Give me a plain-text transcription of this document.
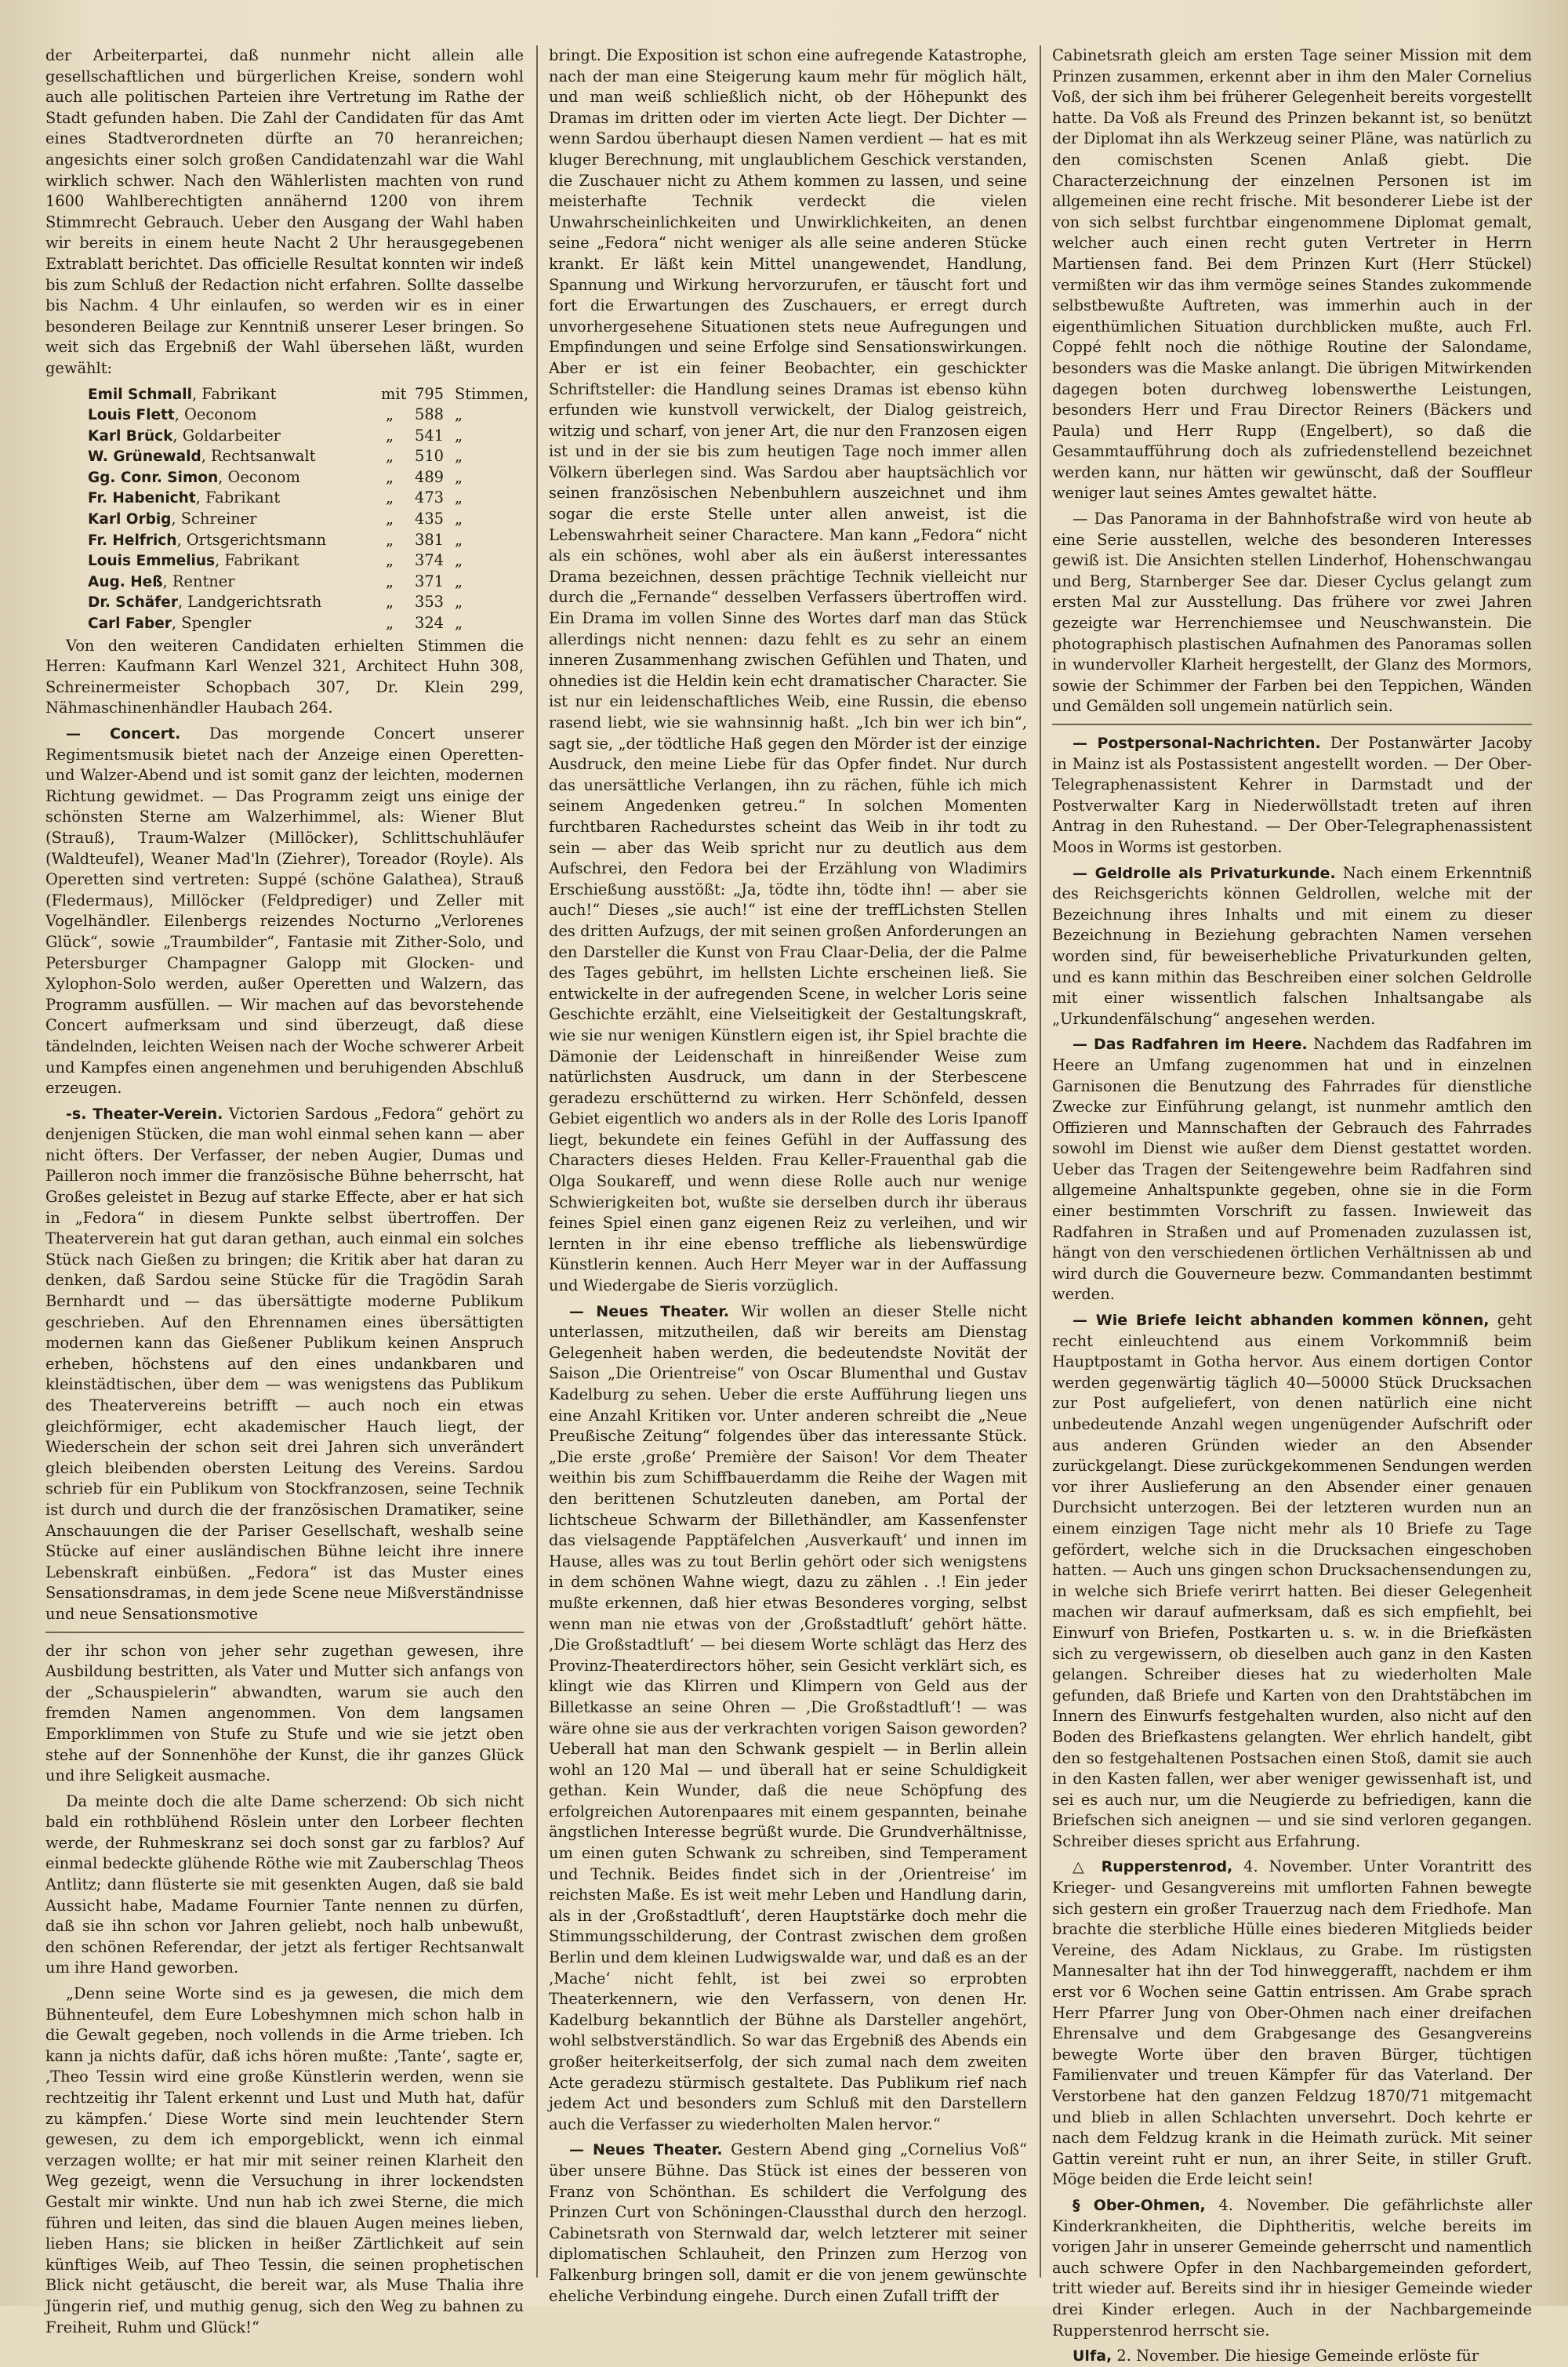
der Arbeiterpartei, daß nunmehr nicht allein alle gesellschaftlichen und bürgerlichen Kreise, sondern wohl auch alle politischen Parteien ihre Vertretung im Rathe der Stadt gefunden haben. Die Zahl der Candidaten für das Amt eines Stadtverordneten dürfte an 70 heranreichen; angesichts einer solch großen Candidatenzahl war die Wahl wirklich schwer. Nach den Wählerlisten machten von rund 1600 Wahlberechtigten annähernd 1200 von ihrem Stimmrecht Gebrauch. Ueber den Ausgang der Wahl haben wir bereits in einem heute Nacht 2 Uhr herausgegebenen Extrablatt berichtet. Das officielle Resultat konnten wir indeß bis zum Schluß der Redaction nicht erfahren. Sollte dasselbe bis Nachm. 4 Uhr einlaufen, so werden wir es in einer besonderen Beilage zur Kenntniß unserer Leser bringen. So weit sich das Ergebniß der Wahl übersehen läßt, wurden gewählt:

Emil Schmall, Fabrikant	mit 795 Stimmen,
Louis Flett, Oeconom	„	588 „
Karl Brück, Goldarbeiter	„	541 „
W. Grünewald, Rechtsanwalt	„	510 „
Gg. Conr. Simon, Oeconom	„	489 „
Fr. Habenicht, Fabrikant	„	473 „
Karl Orbig, Schreiner	„	435 „
Fr. Helfrich, Ortsgerichtsmann	„	381 „
Louis Emmelius, Fabrikant	„	374 „
Aug. Heß, Rentner	„	371 „
Dr. Schäfer, Landgerichtsrath	„	353 „
Carl Faber, Spengler	„	324 „

Von den weiteren Candidaten erhielten Stimmen die Herren: Kaufmann Karl Wenzel 321, Architect Huhn 308, Schreinermeister Schopbach 307, Dr. Klein 299, Nähmaschinenhändler Haubach 264.

— Concert. Das morgende Concert unserer Regimentsmusik bietet nach der Anzeige einen Operetten- und Walzer-Abend und ist somit ganz der leichten, modernen Richtung gewidmet. — Das Programm zeigt uns einige der schönsten Sterne am Walzerhimmel, als: Wiener Blut (Strauß), Traum-Walzer (Millöcker), Schlittschuhläufer (Waldteufel), Weaner Mad'ln (Ziehrer), Toreador (Royle). Als Operetten sind vertreten: Suppé (schöne Galathea), Strauß (Fledermaus), Millöcker (Feldprediger) und Zeller mit Vogelhändler. Eilenbergs reizendes Nocturno „Verlorenes Glück“, sowie „Traumbilder“, Fantasie mit Zither-Solo, und Petersburger Champagner Galopp mit Glocken- und Xylophon-Solo werden, außer Operetten und Walzern, das Programm ausfüllen. — Wir machen auf das bevorstehende Concert aufmerksam und sind überzeugt, daß diese tändelnden, leichten Weisen nach der Woche schwerer Arbeit und Kampfes einen angenehmen und beruhigenden Abschluß erzeugen.

-s. Theater-Verein. Victorien Sardous „Fedora“ gehört zu denjenigen Stücken, die man wohl einmal sehen kann — aber nicht öfters. Der Verfasser, der neben Augier, Dumas und Pailleron noch immer die französische Bühne beherrscht, hat Großes geleistet in Bezug auf starke Effecte, aber er hat sich in „Fedora“ in diesem Punkte selbst übertroffen. Der Theaterverein hat gut daran gethan, auch einmal ein solches Stück nach Gießen zu bringen; die Kritik aber hat daran zu denken, daß Sardou seine Stücke für die Tragödin Sarah Bernhardt und — das übersättigte moderne Publikum geschrieben. Auf den Ehrennamen eines übersättigten modernen kann das Gießener Publikum keinen Anspruch erheben, höchstens auf den eines undankbaren und kleinstädtischen, über dem — was wenigstens das Publikum des Theatervereins betrifft — auch noch ein etwas gleichförmiger, echt akademischer Hauch liegt, der Wiederschein der schon seit drei Jahren sich unverändert gleich bleibenden obersten Leitung des Vereins. Sardou schrieb für ein Publikum von Stockfranzosen, seine Technik ist durch und durch die der französischen Dramatiker, seine Anschauungen die der Pariser Gesellschaft, weshalb seine Stücke auf einer ausländischen Bühne leicht ihre innere Lebenskraft einbüßen. „Fedora“ ist das Muster eines Sensationsdramas, in dem jede Scene neue Mißverständnisse und neue Sensationsmotive

der ihr schon von jeher sehr zugethan gewesen, ihre Ausbildung bestritten, als Vater und Mutter sich anfangs von der „Schauspielerin“ abwandten, warum sie auch den fremden Namen angenommen. Von dem langsamen Emporklimmen von Stufe zu Stufe und wie sie jetzt oben stehe auf der Sonnenhöhe der Kunst, die ihr ganzes Glück und ihre Seligkeit ausmache.

Da meinte doch die alte Dame scherzend: Ob sich nicht bald ein rothblühend Röslein unter den Lorbeer flechten werde, der Ruhmeskranz sei doch sonst gar zu farblos? Auf einmal bedeckte glühende Röthe wie mit Zauberschlag Theos Antlitz; dann flüsterte sie mit gesenkten Augen, daß sie bald Aussicht habe, Madame Fournier Tante nennen zu dürfen, daß sie ihn schon vor Jahren geliebt, noch halb unbewußt, den schönen Referendar, der jetzt als fertiger Rechtsanwalt um ihre Hand geworben.

„Denn seine Worte sind es ja gewesen, die mich dem Bühnenteufel, dem Eure Lobeshymnen mich schon halb in die Gewalt gegeben, noch vollends in die Arme trieben. Ich kann ja nichts dafür, daß ichs hören mußte: ‚Tante‘, sagte er, ‚Theo Tessin wird eine große Künstlerin werden, wenn sie rechtzeitig ihr Talent erkennt und Lust und Muth hat, dafür zu kämpfen.‘ Diese Worte sind mein leuchtender Stern gewesen, zu dem ich emporgeblickt, wenn ich einmal verzagen wollte; er hat mir mit seiner reinen Klarheit den Weg gezeigt, wenn die Versuchung in ihrer lockendsten Gestalt mir winkte. Und nun hab ich zwei Sterne, die mich führen und leiten, das sind die blauen Augen meines lieben, lieben Hans; sie blicken in heißer Zärtlichkeit auf sein künftiges Weib, auf Theo Tessin, die seinen prophetischen Blick nicht getäuscht, die bereit war, als Muse Thalia ihre Jüngerin rief, und muthig genug, sich den Weg zu bahnen zu Freiheit, Ruhm und Glück!“

bringt. Die Exposition ist schon eine aufregende Katastrophe, nach der man eine Steigerung kaum mehr für möglich hält, und man weiß schließlich nicht, ob der Höhepunkt des Dramas im dritten oder im vierten Acte liegt. Der Dichter — wenn Sardou überhaupt diesen Namen verdient — hat es mit kluger Berechnung, mit unglaublichem Geschick verstanden, die Zuschauer nicht zu Athem kommen zu lassen, und seine meisterhafte Technik verdeckt die vielen Unwahrscheinlichkeiten und Unwirklichkeiten, an denen seine „Fedora“ nicht weniger als alle seine anderen Stücke krankt. Er läßt kein Mittel unangewendet, Handlung, Spannung und Wirkung hervorzurufen, er täuscht fort und fort die Erwartungen des Zuschauers, er erregt durch unvorhergesehene Situationen stets neue Aufregungen und Empfindungen und seine Erfolge sind Sensationswirkungen. Aber er ist ein feiner Beobachter, ein geschickter Schriftsteller: die Handlung seines Dramas ist ebenso kühn erfunden wie kunstvoll verwickelt, der Dialog geistreich, witzig und scharf, von jener Art, die nur den Franzosen eigen ist und in der sie bis zum heutigen Tage noch immer allen Völkern überlegen sind. Was Sardou aber hauptsächlich vor seinen französischen Nebenbuhlern auszeichnet und ihm sogar die erste Stelle unter allen anweist, ist die Lebenswahrheit seiner Charactere. Man kann „Fedora“ nicht als ein schönes, wohl aber als ein äußerst interessantes Drama bezeichnen, dessen prächtige Technik vielleicht nur durch die „Fernande“ desselben Verfassers übertroffen wird. Ein Drama im vollen Sinne des Wortes darf man das Stück allerdings nicht nennen: dazu fehlt es zu sehr an einem inneren Zusammenhang zwischen Gefühlen und Thaten, und ohnedies ist die Heldin kein echt dramatischer Character. Sie ist nur ein leidenschaftliches Weib, eine Russin, die ebenso rasend liebt, wie sie wahnsinnig haßt. „Ich bin wer ich bin“, sagt sie, „der tödtliche Haß gegen den Mörder ist der einzige Ausdruck, den meine Liebe für das Opfer findet. Nur durch das unersättliche Verlangen, ihn zu rächen, fühle ich mich seinem Angedenken getreu.“ In solchen Momenten furchtbaren Rachedurstes scheint das Weib in ihr todt zu sein — aber das Weib spricht nur zu deutlich aus dem Aufschrei, den Fedora bei der Erzählung von Wladimirs Erschießung ausstößt: „Ja, tödte ihn, tödte ihn! — aber sie auch!“ Dieses „sie auch!“ ist eine der treffLichsten Stellen des dritten Aufzugs, der mit seinen großen Anforderungen an den Darsteller die Kunst von Frau Claar-Delia, der die Palme des Tages gebührt, im hellsten Lichte erscheinen ließ. Sie entwickelte in der aufregenden Scene, in welcher Loris seine Geschichte erzählt, eine Vielseitigkeit der Gestaltungskraft, wie sie nur wenigen Künstlern eigen ist, ihr Spiel brachte die Dämonie der Leidenschaft in hinreißender Weise zum natürlichsten Ausdruck, um dann in der Sterbescene geradezu erschütternd zu wirken. Herr Schönfeld, dessen Gebiet eigentlich wo anders als in der Rolle des Loris Ipanoff liegt, bekundete ein feines Gefühl in der Auffassung des Characters dieses Helden. Frau Keller-Frauenthal gab die Olga Soukareff, und wenn diese Rolle auch nur wenige Schwierigkeiten bot, wußte sie derselben durch ihr überaus feines Spiel einen ganz eigenen Reiz zu verleihen, und wir lernten in ihr eine ebenso treffliche als liebenswürdige Künstlerin kennen. Auch Herr Meyer war in der Auffassung und Wiedergabe de Sieris vorzüglich.

— Neues Theater. Wir wollen an dieser Stelle nicht unterlassen, mitzutheilen, daß wir bereits am Dienstag Gelegenheit haben werden, die bedeutendste Novität der Saison „Die Orientreise“ von Oscar Blumenthal und Gustav Kadelburg zu sehen. Ueber die erste Aufführung liegen uns eine Anzahl Kritiken vor. Unter anderen schreibt die „Neue Preußische Zeitung“ folgendes über das interessante Stück. „Die erste ‚große‘ Première der Saison! Vor dem Theater weithin bis zum Schiffbauerdamm die Reihe der Wagen mit den berittenen Schutzleuten daneben, am Portal der lichtscheue Schwarm der Billethändler, am Kassenfenster das vielsagende Papptäfelchen ‚Ausverkauft‘ und innen im Hause, alles was zu tout Berlin gehört oder sich wenigstens in dem schönen Wahne wiegt, dazu zu zählen . .! Ein jeder mußte erkennen, daß hier etwas Besonderes vorging, selbst wenn man nie etwas von der ‚Großstadtluft‘ gehört hätte. ‚Die Großstadtluft‘ — bei diesem Worte schlägt das Herz des Provinz-Theaterdirectors höher, sein Gesicht verklärt sich, es klingt wie das Klirren und Klimpern von Geld aus der Billetkasse an seine Ohren — ‚Die Großstadtluft‘! — was wäre ohne sie aus der verkrachten vorigen Saison geworden? Ueberall hat man den Schwank gespielt — in Berlin allein wohl an 120 Mal — und überall hat er seine Schuldigkeit gethan. Kein Wunder, daß die neue Schöpfung des erfolgreichen Autorenpaares mit einem gespannten, beinahe ängstlichen Interesse begrüßt wurde. Die Grundverhältnisse, um einen guten Schwank zu schreiben, sind Temperament und Technik. Beides findet sich in der ‚Orientreise‘ im reichsten Maße. Es ist weit mehr Leben und Handlung darin, als in der ‚Großstadtluft‘, deren Hauptstärke doch mehr die Stimmungsschilderung, der Contrast zwischen dem großen Berlin und dem kleinen Ludwigswalde war, und daß es an der ‚Mache‘ nicht fehlt, ist bei zwei so erprobten Theaterkennern, wie den Verfassern, von denen Hr. Kadelburg bekanntlich der Bühne als Darsteller angehört, wohl selbstverständlich. So war das Ergebniß des Abends ein großer heiterkeitserfolg, der sich zumal nach dem zweiten Acte geradezu stürmisch gestaltete. Das Publikum rief nach jedem Act und besonders zum Schluß mit den Darstellern auch die Verfasser zu wiederholten Malen hervor.“

— Neues Theater. Gestern Abend ging „Cornelius Voß“ über unsere Bühne. Das Stück ist eines der besseren von Franz von Schönthan. Es schildert die Verfolgung des Prinzen Curt von Schöningen-Claussthal durch den herzogl. Cabinetsrath von Sternwald dar, welch letzterer mit seiner diplomatischen Schlauheit, den Prinzen zum Herzog von Falkenburg bringen soll, damit er die von jenem gewünschte eheliche Verbindung eingehe. Durch einen Zufall trifft der

Cabinetsrath gleich am ersten Tage seiner Mission mit dem Prinzen zusammen, erkennt aber in ihm den Maler Cornelius Voß, der sich ihm bei früherer Gelegenheit bereits vorgestellt hatte. Da Voß als Freund des Prinzen bekannt ist, so benützt der Diplomat ihn als Werkzeug seiner Pläne, was natürlich zu den comischsten Scenen Anlaß giebt. Die Characterzeichnung der einzelnen Personen ist im allgemeinen eine recht frische. Mit besonderer Liebe ist der von sich selbst furchtbar eingenommene Diplomat gemalt, welcher auch einen recht guten Vertreter in Herrn Martiensen fand. Bei dem Prinzen Kurt (Herr Stückel) vermißten wir das ihm vermöge seines Standes zukommende selbstbewußte Auftreten, was immerhin auch in der eigenthümlichen Situation durchblicken mußte, auch Frl. Coppé fehlt noch die nöthige Routine der Salondame, besonders was die Maske anlangt. Die übrigen Mitwirkenden dagegen boten durchweg lobenswerthe Leistungen, besonders Herr und Frau Director Reiners (Bäckers und Paula) und Herr Rupp (Engelbert), so daß die Gesammtaufführung doch als zufriedenstellend bezeichnet werden kann, nur hätten wir gewünscht, daß der Souffleur weniger laut seines Amtes gewaltet hätte.

— Das Panorama in der Bahnhofstraße wird von heute ab eine Serie ausstellen, welche des besonderen Interesses gewiß ist. Die Ansichten stellen Linderhof, Hohenschwangau und Berg, Starnberger See dar. Dieser Cyclus gelangt zum ersten Mal zur Ausstellung. Das frühere vor zwei Jahren gezeigte war Herrenchiemsee und Neuschwanstein. Die photographisch plastischen Aufnahmen des Panoramas sollen in wundervoller Klarheit hergestellt, der Glanz des Mormors, sowie der Schimmer der Farben bei den Teppichen, Wänden und Gemälden soll ungemein natürlich sein.

— Postpersonal-Nachrichten. Der Postanwärter Jacoby in Mainz ist als Postassistent angestellt worden. — Der Ober-Telegraphenassistent Kehrer in Darmstadt und der Postverwalter Karg in Niederwöllstadt treten auf ihren Antrag in den Ruhestand. — Der Ober-Telegraphenassistent Moos in Worms ist gestorben.

— Geldrolle als Privaturkunde. Nach einem Erkenntniß des Reichsgerichts können Geldrollen, welche mit der Bezeichnung ihres Inhalts und mit einem zu dieser Bezeichnung in Beziehung gebrachten Namen versehen worden sind, für beweiserhebliche Privaturkunden gelten, und es kann mithin das Beschreiben einer solchen Geldrolle mit einer wissentlich falschen Inhaltsangabe als „Urkundenfälschung“ angesehen werden.

— Das Radfahren im Heere. Nachdem das Radfahren im Heere an Umfang zugenommen hat und in einzelnen Garnisonen die Benutzung des Fahrrades für dienstliche Zwecke zur Einführung gelangt, ist nunmehr amtlich den Offizieren und Mannschaften der Gebrauch des Fahrrades sowohl im Dienst wie außer dem Dienst gestattet worden. Ueber das Tragen der Seitengewehre beim Radfahren sind allgemeine Anhaltspunkte gegeben, ohne sie in die Form einer bestimmten Vorschrift zu fassen. Inwieweit das Radfahren in Straßen und auf Promenaden zuzulassen ist, hängt von den verschiedenen örtlichen Verhältnissen ab und wird durch die Gouverneure bezw. Commandanten bestimmt werden.

— Wie Briefe leicht abhanden kommen können, geht recht einleuchtend aus einem Vorkommniß beim Hauptpostamt in Gotha hervor. Aus einem dortigen Contor werden gegenwärtig täglich 40—50000 Stück Drucksachen zur Post aufgeliefert, von denen natürlich eine nicht unbedeutende Anzahl wegen ungenügender Aufschrift oder aus anderen Gründen wieder an den Absender zurückgelangt. Diese zurückgekommenen Sendungen werden vor ihrer Auslieferung an den Absender einer genauen Durchsicht unterzogen. Bei der letzteren wurden nun an einem einzigen Tage nicht mehr als 10 Briefe zu Tage gefördert, welche sich in die Drucksachen eingeschoben hatten. — Auch uns gingen schon Drucksachensendungen zu, in welche sich Briefe verirrt hatten. Bei dieser Gelegenheit machen wir darauf aufmerksam, daß es sich empfiehlt, bei Einwurf von Briefen, Postkarten u. s. w. in die Briefkästen sich zu vergewissern, ob dieselben auch ganz in den Kasten gelangen. Schreiber dieses hat zu wiederholten Male gefunden, daß Briefe und Karten von den Drahtstäbchen im Innern des Einwurfs festgehalten wurden, also nicht auf den Boden des Briefkastens gelangten. Wer ehrlich handelt, gibt den so festgehaltenen Postsachen einen Stoß, damit sie auch in den Kasten fallen, wer aber weniger gewissenhaft ist, und sei es auch nur, um die Neugierde zu befriedigen, kann die Briefschen sich aneignen — und sie sind verloren gegangen. Schreiber dieses spricht aus Erfahrung.

△ Rupperstenrod, 4. November. Unter Vorantritt des Krieger- und Gesangvereins mit umflorten Fahnen bewegte sich gestern ein großer Trauerzug nach dem Friedhofe. Man brachte die sterbliche Hülle eines biederen Mitglieds beider Vereine, des Adam Nicklaus, zu Grabe. Im rüstigsten Mannesalter hat ihn der Tod hinweggerafft, nachdem er ihm erst vor 6 Wochen seine Gattin entrissen. Am Grabe sprach Herr Pfarrer Jung von Ober-Ohmen nach einer dreifachen Ehrensalve und dem Grabgesange des Gesangvereins bewegte Worte über den braven Bürger, tüchtigen Familienvater und treuen Kämpfer für das Vaterland. Der Verstorbene hat den ganzen Feldzug 1870/71 mitgemacht und blieb in allen Schlachten unversehrt. Doch kehrte er nach dem Feldzug krank in die Heimath zurück. Mit seiner Gattin vereint ruht er nun, an ihrer Seite, in stiller Gruft. Möge beiden die Erde leicht sein!

§ Ober-Ohmen, 4. November. Die gefährlichste aller Kinderkrankheiten, die Diphtheritis, welche bereits im vorigen Jahr in unserer Gemeinde geherrscht und namentlich auch schwere Opfer in den Nachbargemeinden gefordert, tritt wieder auf. Bereits sind ihr in hiesiger Gemeinde wieder drei Kinder erlegen. Auch in der Nachbargemeinde Rupperstenrod herrscht sie.

Ulfa, 2. November. Die hiesige Gemeinde erlöste für
